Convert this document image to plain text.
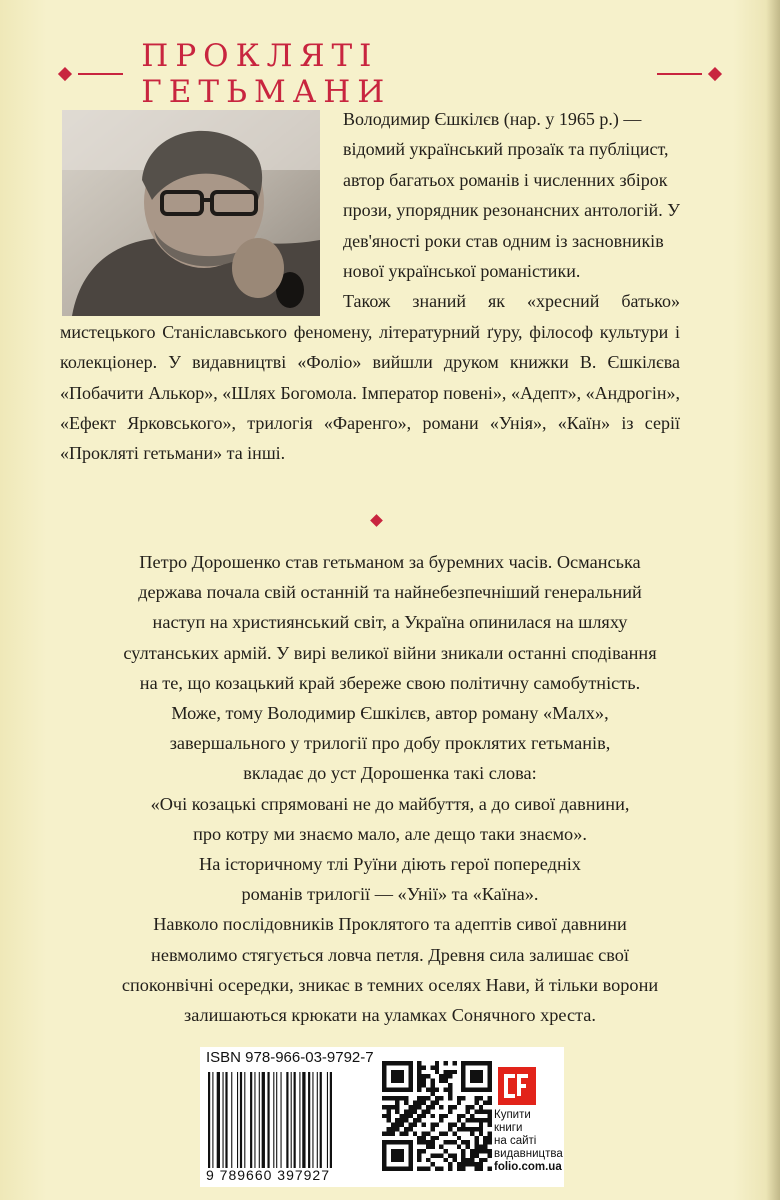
ПРОКЛЯТІ ГЕТЬМАНИ
Володимир Єшкілєв (нар. у 1965 р.) — відомий український прозаїк та публіцист, автор багатьох романів і численних збірок прози, упорядник резонансних антологій. У дев'яності роки став одним із засновників нової української романістики.
Також знаний як «хресний батько» мистецького Станіславського феномену, літературний ґуру, філософ культури і колекціонер. У видавництві «Фоліо» вийшли друком книжки В. Єшкілєва «Побачити Алькор», «Шлях Богомола. Імператор повені», «Адепт», «Андрогін», «Ефект Ярковського», трилогія «Фаренго», романи «Унія», «Каїн» із серії «Прокляті гетьмани» та інші.

Петро Дорошенко став гетьманом за буремних часів. Османська

держава почала свій останній та найнебезпечніший генеральний

наступ на християнський світ, а Україна опинилася на шляху

султанських армій. У вирі великої війни зникали останні сподівання

на те, що козацький край збереже свою політичну самобутність.

Може, тому Володимир Єшкілєв, автор роману «Малх»,

завершального у трилогії про добу проклятих гетьманів,

вкладає до уст Дорошенка такі слова:

«Очі козацькі спрямовані не до майбуття, а до сивої давнини,

про котру ми знаємо мало, але дещо таки знаємо».

На історичному тлі Руїни діють герої попередніх

романів трилогії — «Унії» та «Каїна».

Навколо послідовників Проклятого та адептів сивої давнини

невмолимо стягується ловча петля. Древня сила залишає свої

споконвічні осередки, зникає в темних оселях Нави, й тільки ворони

залишаються крюкати на уламках Сонячного хреста.

ISBN 978-966-03-9792-7
9 789660 397927
Купити книги
на сайті
видавництва
folio.com.ua
